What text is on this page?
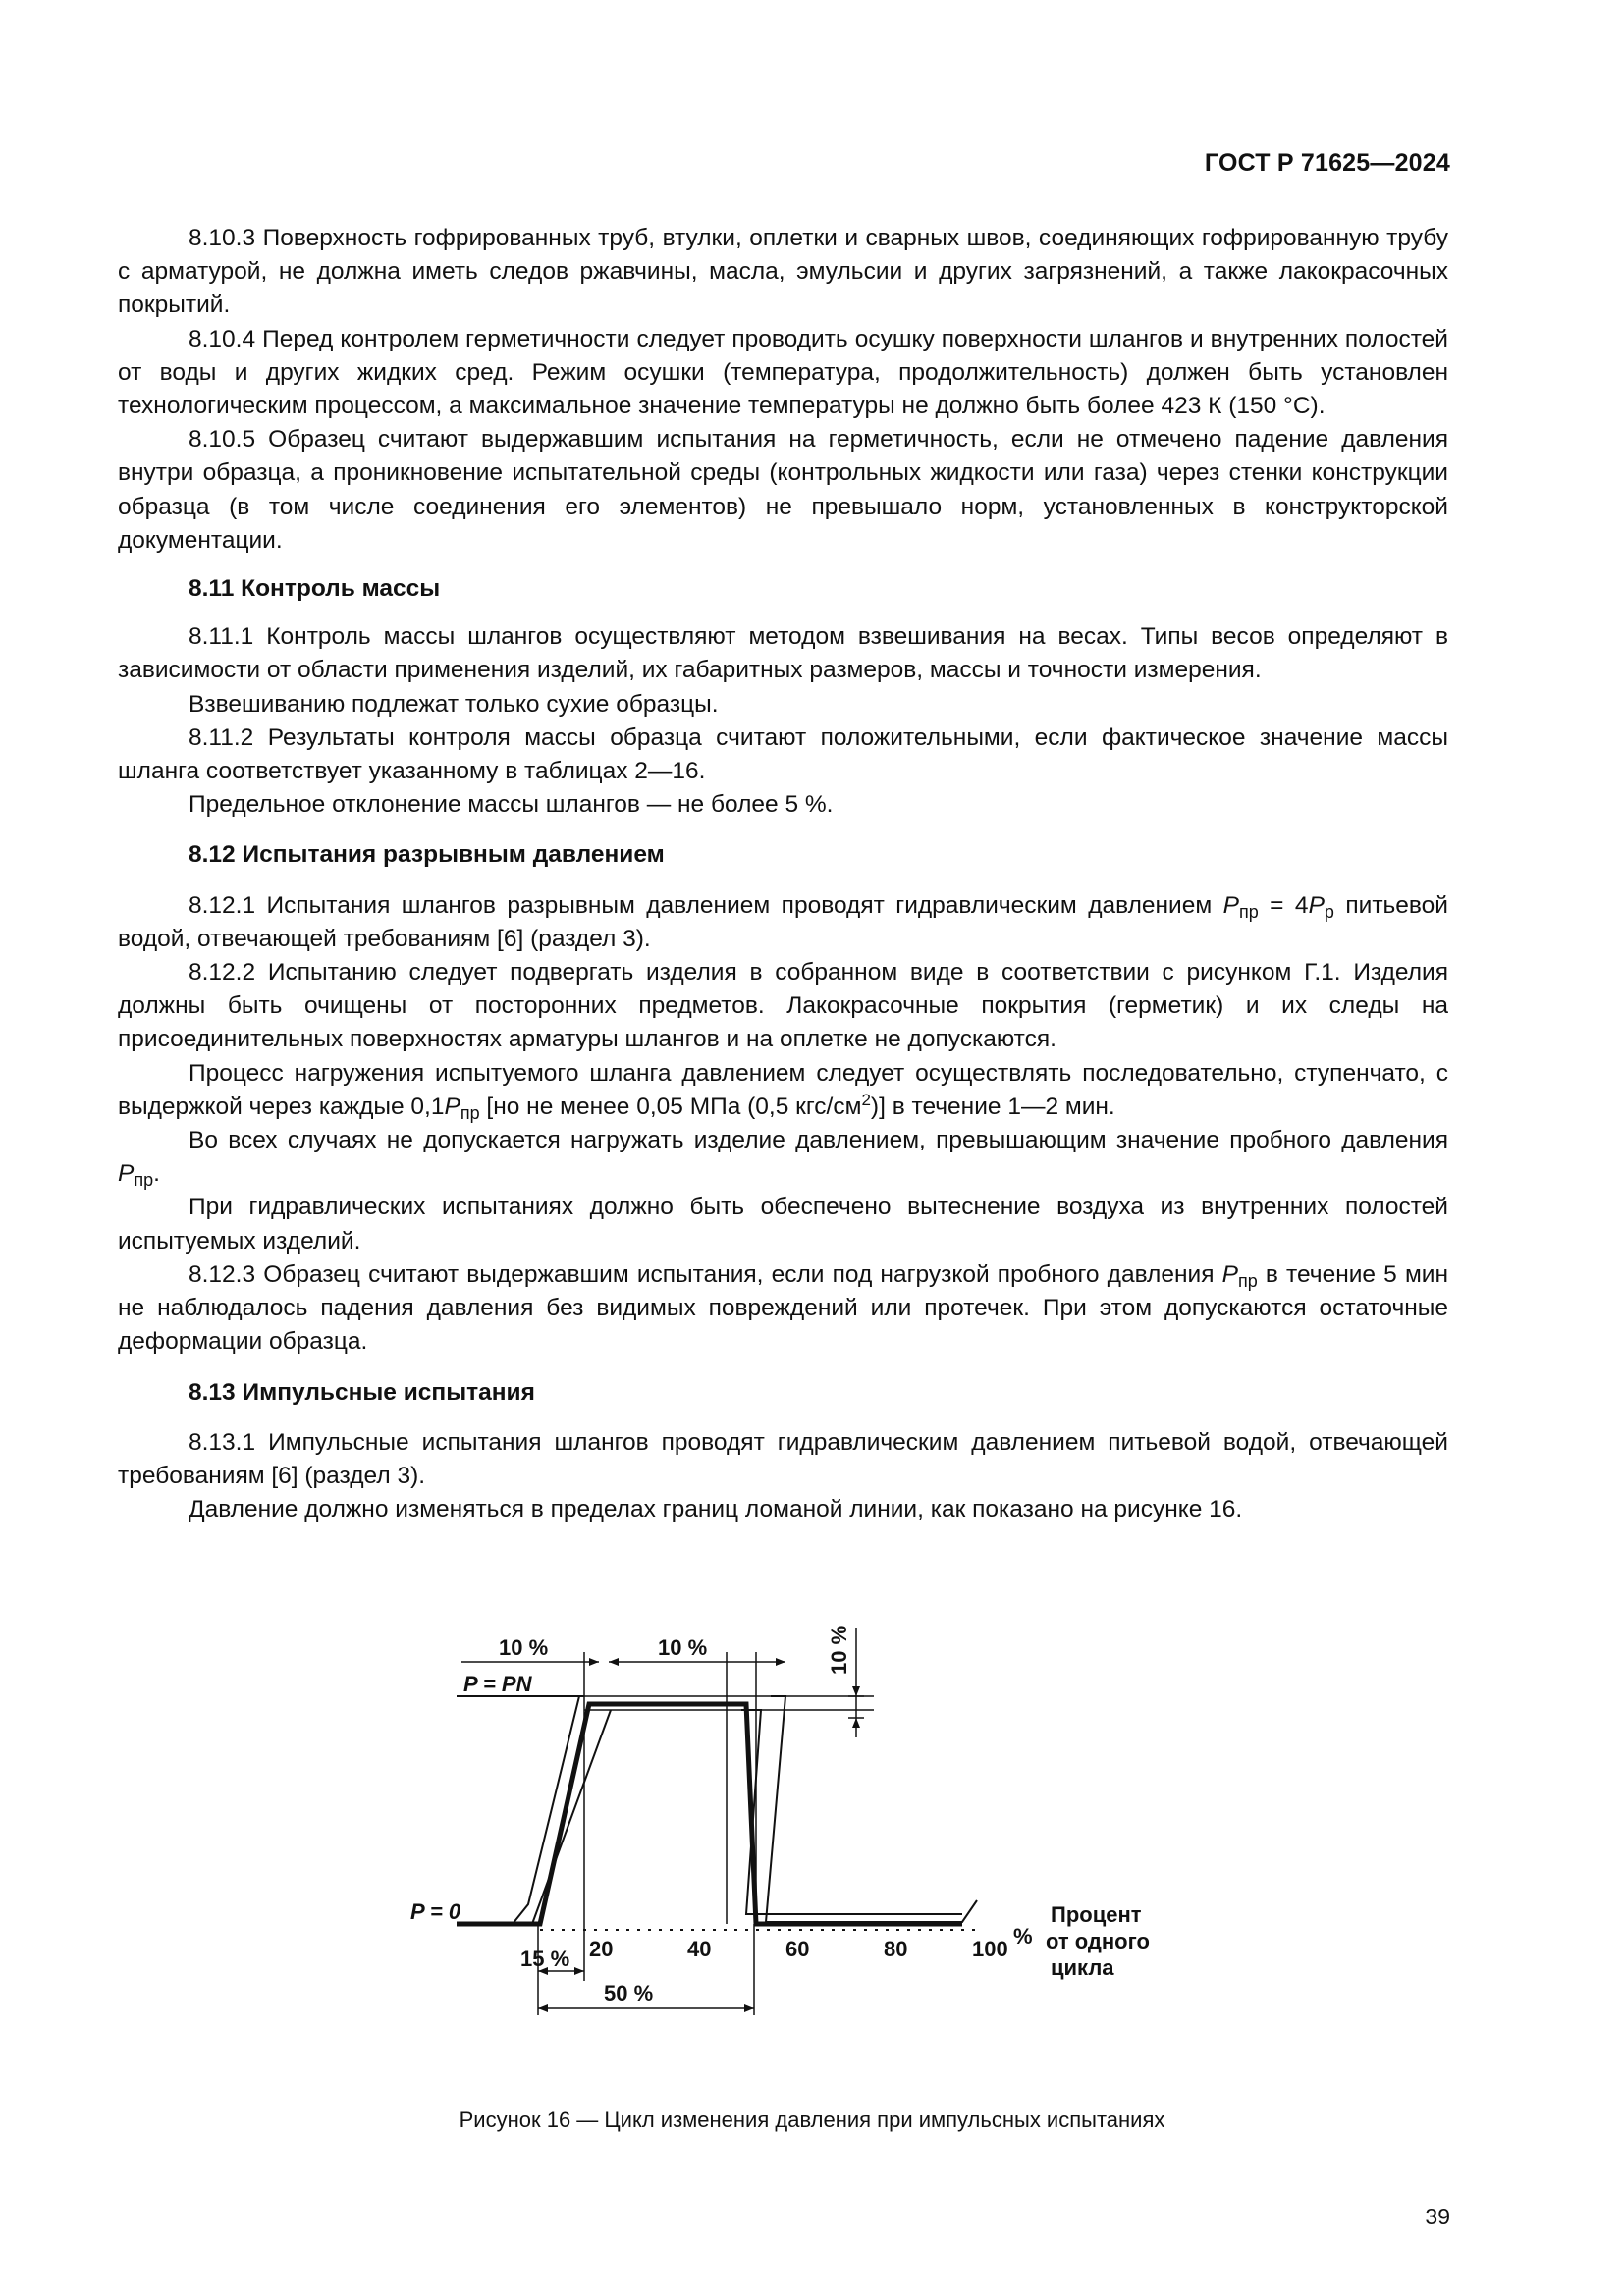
ГОСТ Р 71625—2024

8.10.3 Поверхность гофрированных труб, втулки, оплетки и сварных швов, соединяющих гофрированную трубу с арматурой, не должна иметь следов ржавчины, масла, эмульсии и других загрязнений, а также лакокрасочных покрытий.

8.10.4 Перед контролем герметичности следует проводить осушку поверхности шлангов и внутренних полостей от воды и других жидких сред. Режим осушки (температура, продолжительность) должен быть установлен технологическим процессом, а максимальное значение температуры не должно быть более 423 К (150 °С).

8.10.5 Образец считают выдержавшим испытания на герметичность, если не отмечено падение давления внутри образца, а проникновение испытательной среды (контрольных жидкости или газа) через стенки конструкции образца (в том числе соединения его элементов) не превышало норм, установленных в конструкторской документации.

8.11 Контроль массы

8.11.1 Контроль массы шлангов осуществляют методом взвешивания на весах. Типы весов определяют в зависимости от области применения изделий, их габаритных размеров, массы и точности измерения.

Взвешиванию подлежат только сухие образцы.

8.11.2 Результаты контроля массы образца считают положительными, если фактическое значение массы шланга соответствует указанному в таблицах 2—16.

Предельное отклонение массы шлангов — не более 5 %.

8.12 Испытания разрывным давлением

8.12.1 Испытания шлангов разрывным давлением проводят гидравлическим давлением $P_{пр} = 4P_р$ питьевой водой, отвечающей требованиям [6] (раздел 3).

8.12.2 Испытанию следует подвергать изделия в собранном виде в соответствии с рисунком Г.1. Изделия должны быть очищены от посторонних предметов. Лакокрасочные покрытия (герметик) и их следы на присоединительных поверхностях арматуры шлангов и на оплетке не допускаются.

Процесс нагружения испытуемого шланга давлением следует осуществлять последовательно, ступенчато, с выдержкой через каждые $0,1P_{пр}$ [но не менее 0,05 МПа (0,5 кгс/$см^2$)] в течение 1—2 мин.

Во всех случаях не допускается нагружать изделие давлением, превышающим значение пробного давления $P_{пр}$.

При гидравлических испытаниях должно быть обеспечено вытеснение воздуха из внутренних полостей испытуемых изделий.

8.12.3 Образец считают выдержавшим испытания, если под нагрузкой пробного давления $P_{пр}$ в течение 5 мин не наблюдалось падения давления без видимых повреждений или протечек. При этом допускаются остаточные деформации образца.

8.13 Импульсные испытания

8.13.1 Импульсные испытания шлангов проводят гидравлическим давлением питьевой водой, отвечающей требованиям [6] (раздел 3).

Давление должно изменяться в пределах границ ломаной линии, как показано на рисунке 16.

10 %	10 %	10 %
P = PN
P = 0
15 %
50 %
20	40	60	80	100
%
Процент
от одного
цикла
Рисунок 16 — Цикл изменения давления при импульсных испытаниях
39
